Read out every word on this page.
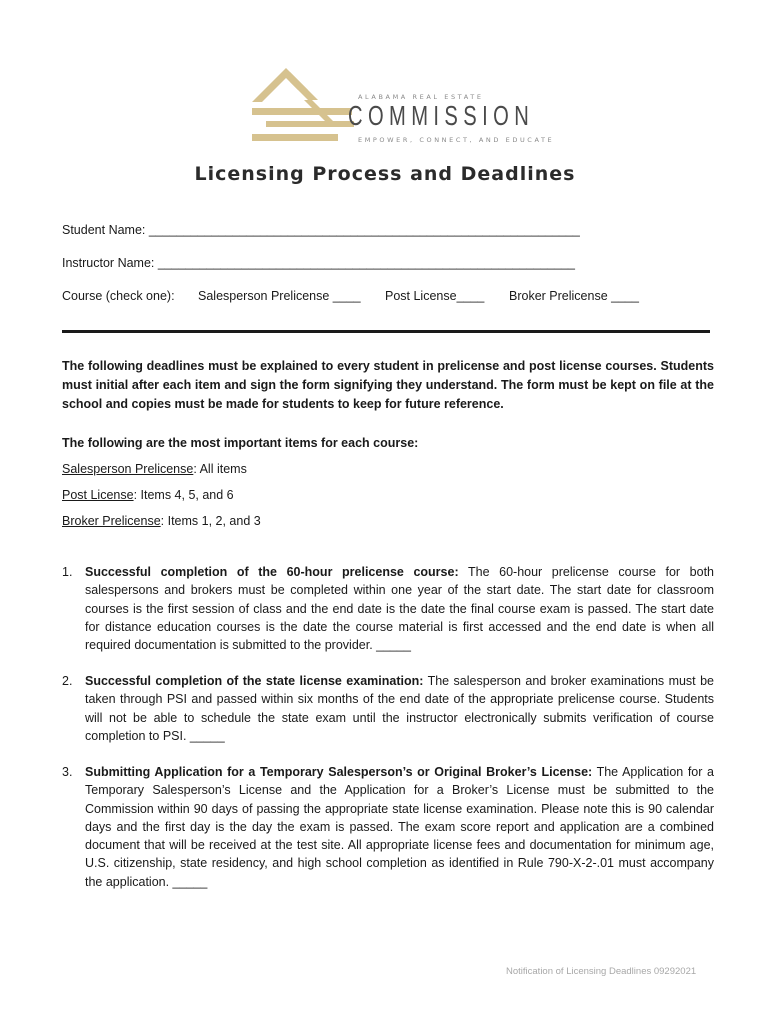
ALABAMA REAL ESTATE
COMMISSION
EMPOWER, CONNECT, AND EDUCATE
Licensing Process and Deadlines
Student Name: ______________________________________________________________
Instructor Name: ____________________________________________________________
Course (check one): Salesperson Prelicense ____ Post License____ Broker Prelicense ____
The following deadlines must be explained to every student in prelicense and post license courses. Students must initial after each item and sign the form signifying they understand. The form must be kept on file at the school and copies must be made for students to keep for future reference.
The following are the most important items for each course:
Salesperson Prelicense: All items
Post License: Items 4, 5, and 6
Broker Prelicense: Items 1, 2, and 3
1. Successful completion of the 60-hour prelicense course: The 60-hour prelicense course for both salespersons and brokers must be completed within one year of the start date. The start date for classroom courses is the first session of class and the end date is the date the final course exam is passed. The start date for distance education courses is the date the course material is first accessed and the end date is when all required documentation is submitted to the provider. _____
2. Successful completion of the state license examination: The salesperson and broker examinations must be taken through PSI and passed within six months of the end date of the appropriate prelicense course. Students will not be able to schedule the state exam until the instructor electronically submits verification of course completion to PSI. _____
3. Submitting Application for a Temporary Salesperson’s or Original Broker’s License: The Application for a Temporary Salesperson’s License and the Application for a Broker’s License must be submitted to the Commission within 90 days of passing the appropriate state license examination. Please note this is 90 calendar days and the first day is the day the exam is passed. The exam score report and application are a combined document that will be received at the test site. All appropriate license fees and documentation for minimum age, U.S. citizenship, state residency, and high school completion as identified in Rule 790-X-2-.01 must accompany the application. _____
Notification of Licensing Deadlines 09292021
